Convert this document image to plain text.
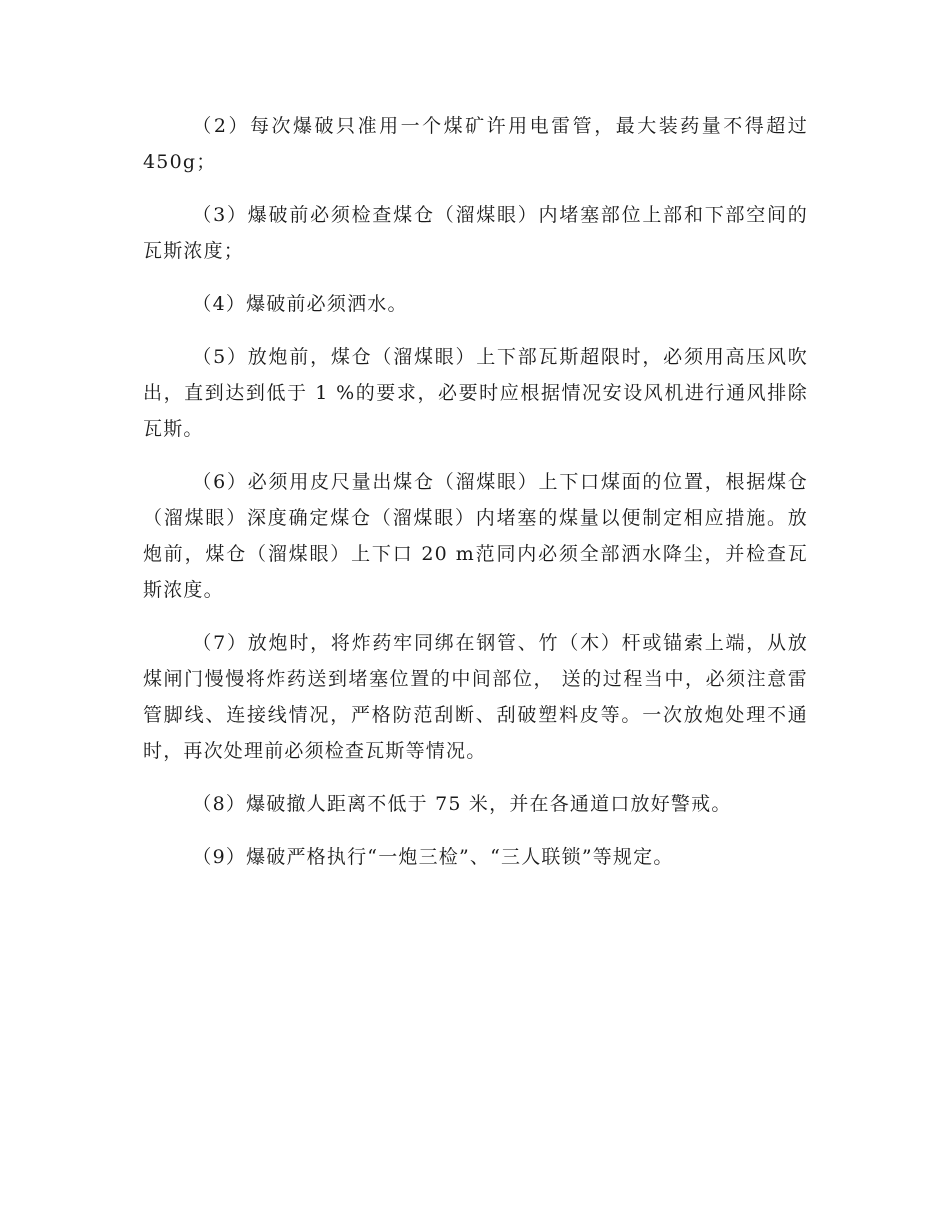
（2）每次爆破只准用一个煤矿许用电雷管，最大装药量不得超过 450g；

（3）爆破前必须检查煤仓（溜煤眼）内堵塞部位上部和下部空间的瓦斯浓度；

（4）爆破前必须洒水。

（5）放炮前，煤仓（溜煤眼）上下部瓦斯超限时，必须用高压风吹出，直到达到低于 1 %的要求，必要时应根据情况安设风机进行通风排除瓦斯。

（6）必须用皮尺量出煤仓（溜煤眼）上下口煤面的位置，根据煤仓（溜煤眼）深度确定煤仓（溜煤眼）内堵塞的煤量以便制定相应措施。放炮前，煤仓（溜煤眼）上下口 20 m范同内必须全部洒水降尘，并检查瓦斯浓度。

（7）放炮时，将炸药牢同绑在钢管、竹（木）杆或锚索上端，从放煤闸门慢慢将炸药送到堵塞位置的中间部位， 送的过程当中，必须注意雷管脚线、连接线情况，严格防范刮断、刮破塑料皮等。一次放炮处理不通时，再次处理前必须检查瓦斯等情况。

（8）爆破撤人距离不低于 75 米，并在各通道口放好警戒。

（9）爆破严格执行“一炮三检”、“三人联锁”等规定。
